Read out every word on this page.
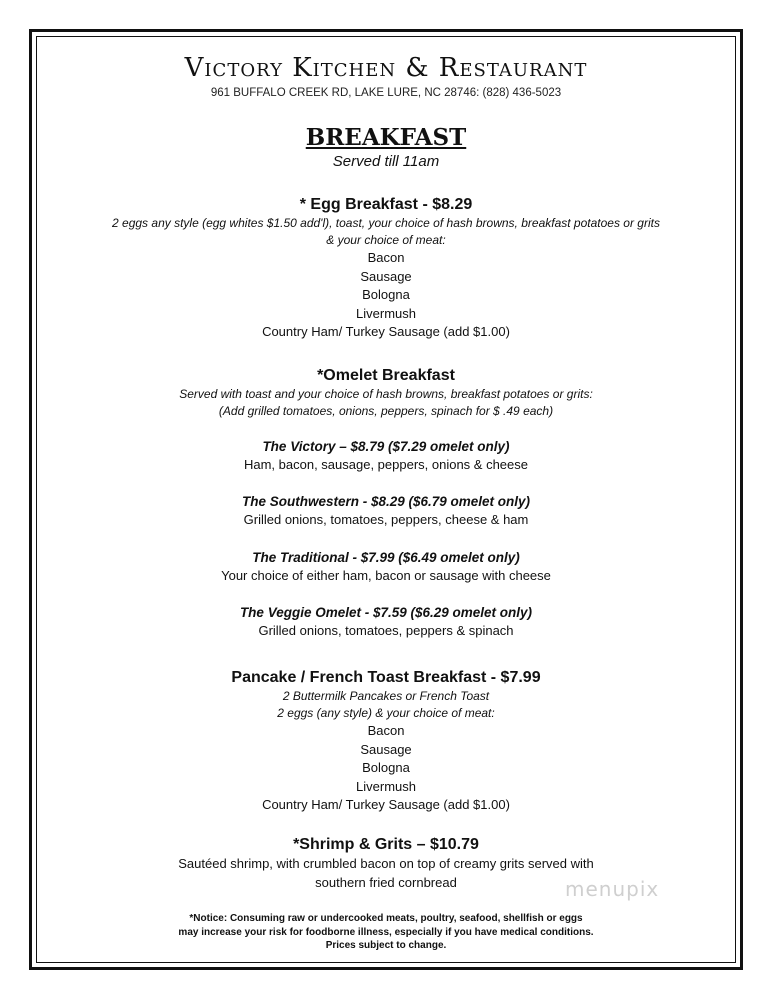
Victory Kitchen & Restaurant
961 BUFFALO CREEK RD, LAKE LURE, NC 28746: (828) 436-5023
BREAKFAST
Served till 11am
* Egg Breakfast - $8.29
2 eggs any style (egg whites $1.50 add'l), toast, your choice of hash browns, breakfast potatoes or grits
& your choice of meat:
Bacon
Sausage
Bologna
Livermush
Country Ham/ Turkey Sausage (add $1.00)
*Omelet Breakfast
Served with toast and your choice of hash browns, breakfast potatoes or grits:
(Add grilled tomatoes, onions, peppers, spinach for $ .49 each)
The Victory – $8.79 ($7.29 omelet only)
Ham, bacon, sausage, peppers, onions & cheese
The Southwestern - $8.29 ($6.79 omelet only)
Grilled onions, tomatoes, peppers, cheese & ham
The Traditional - $7.99 ($6.49 omelet only)
Your choice of either ham, bacon or sausage with cheese
The Veggie Omelet - $7.59 ($6.29 omelet only)
Grilled onions, tomatoes, peppers & spinach
Pancake / French Toast Breakfast - $7.99
2 Buttermilk Pancakes or French Toast
2 eggs (any style) & your choice of meat:
Bacon
Sausage
Bologna
Livermush
Country Ham/ Turkey Sausage (add $1.00)
*Shrimp & Grits – $10.79
Sautéed shrimp, with crumbled bacon on top of creamy grits served with
southern fried cornbread
*Notice: Consuming raw or undercooked meats, poultry, seafood, shellfish or eggs
may increase your risk for foodborne illness, especially if you have medical conditions.
Prices subject to change.
menupix
